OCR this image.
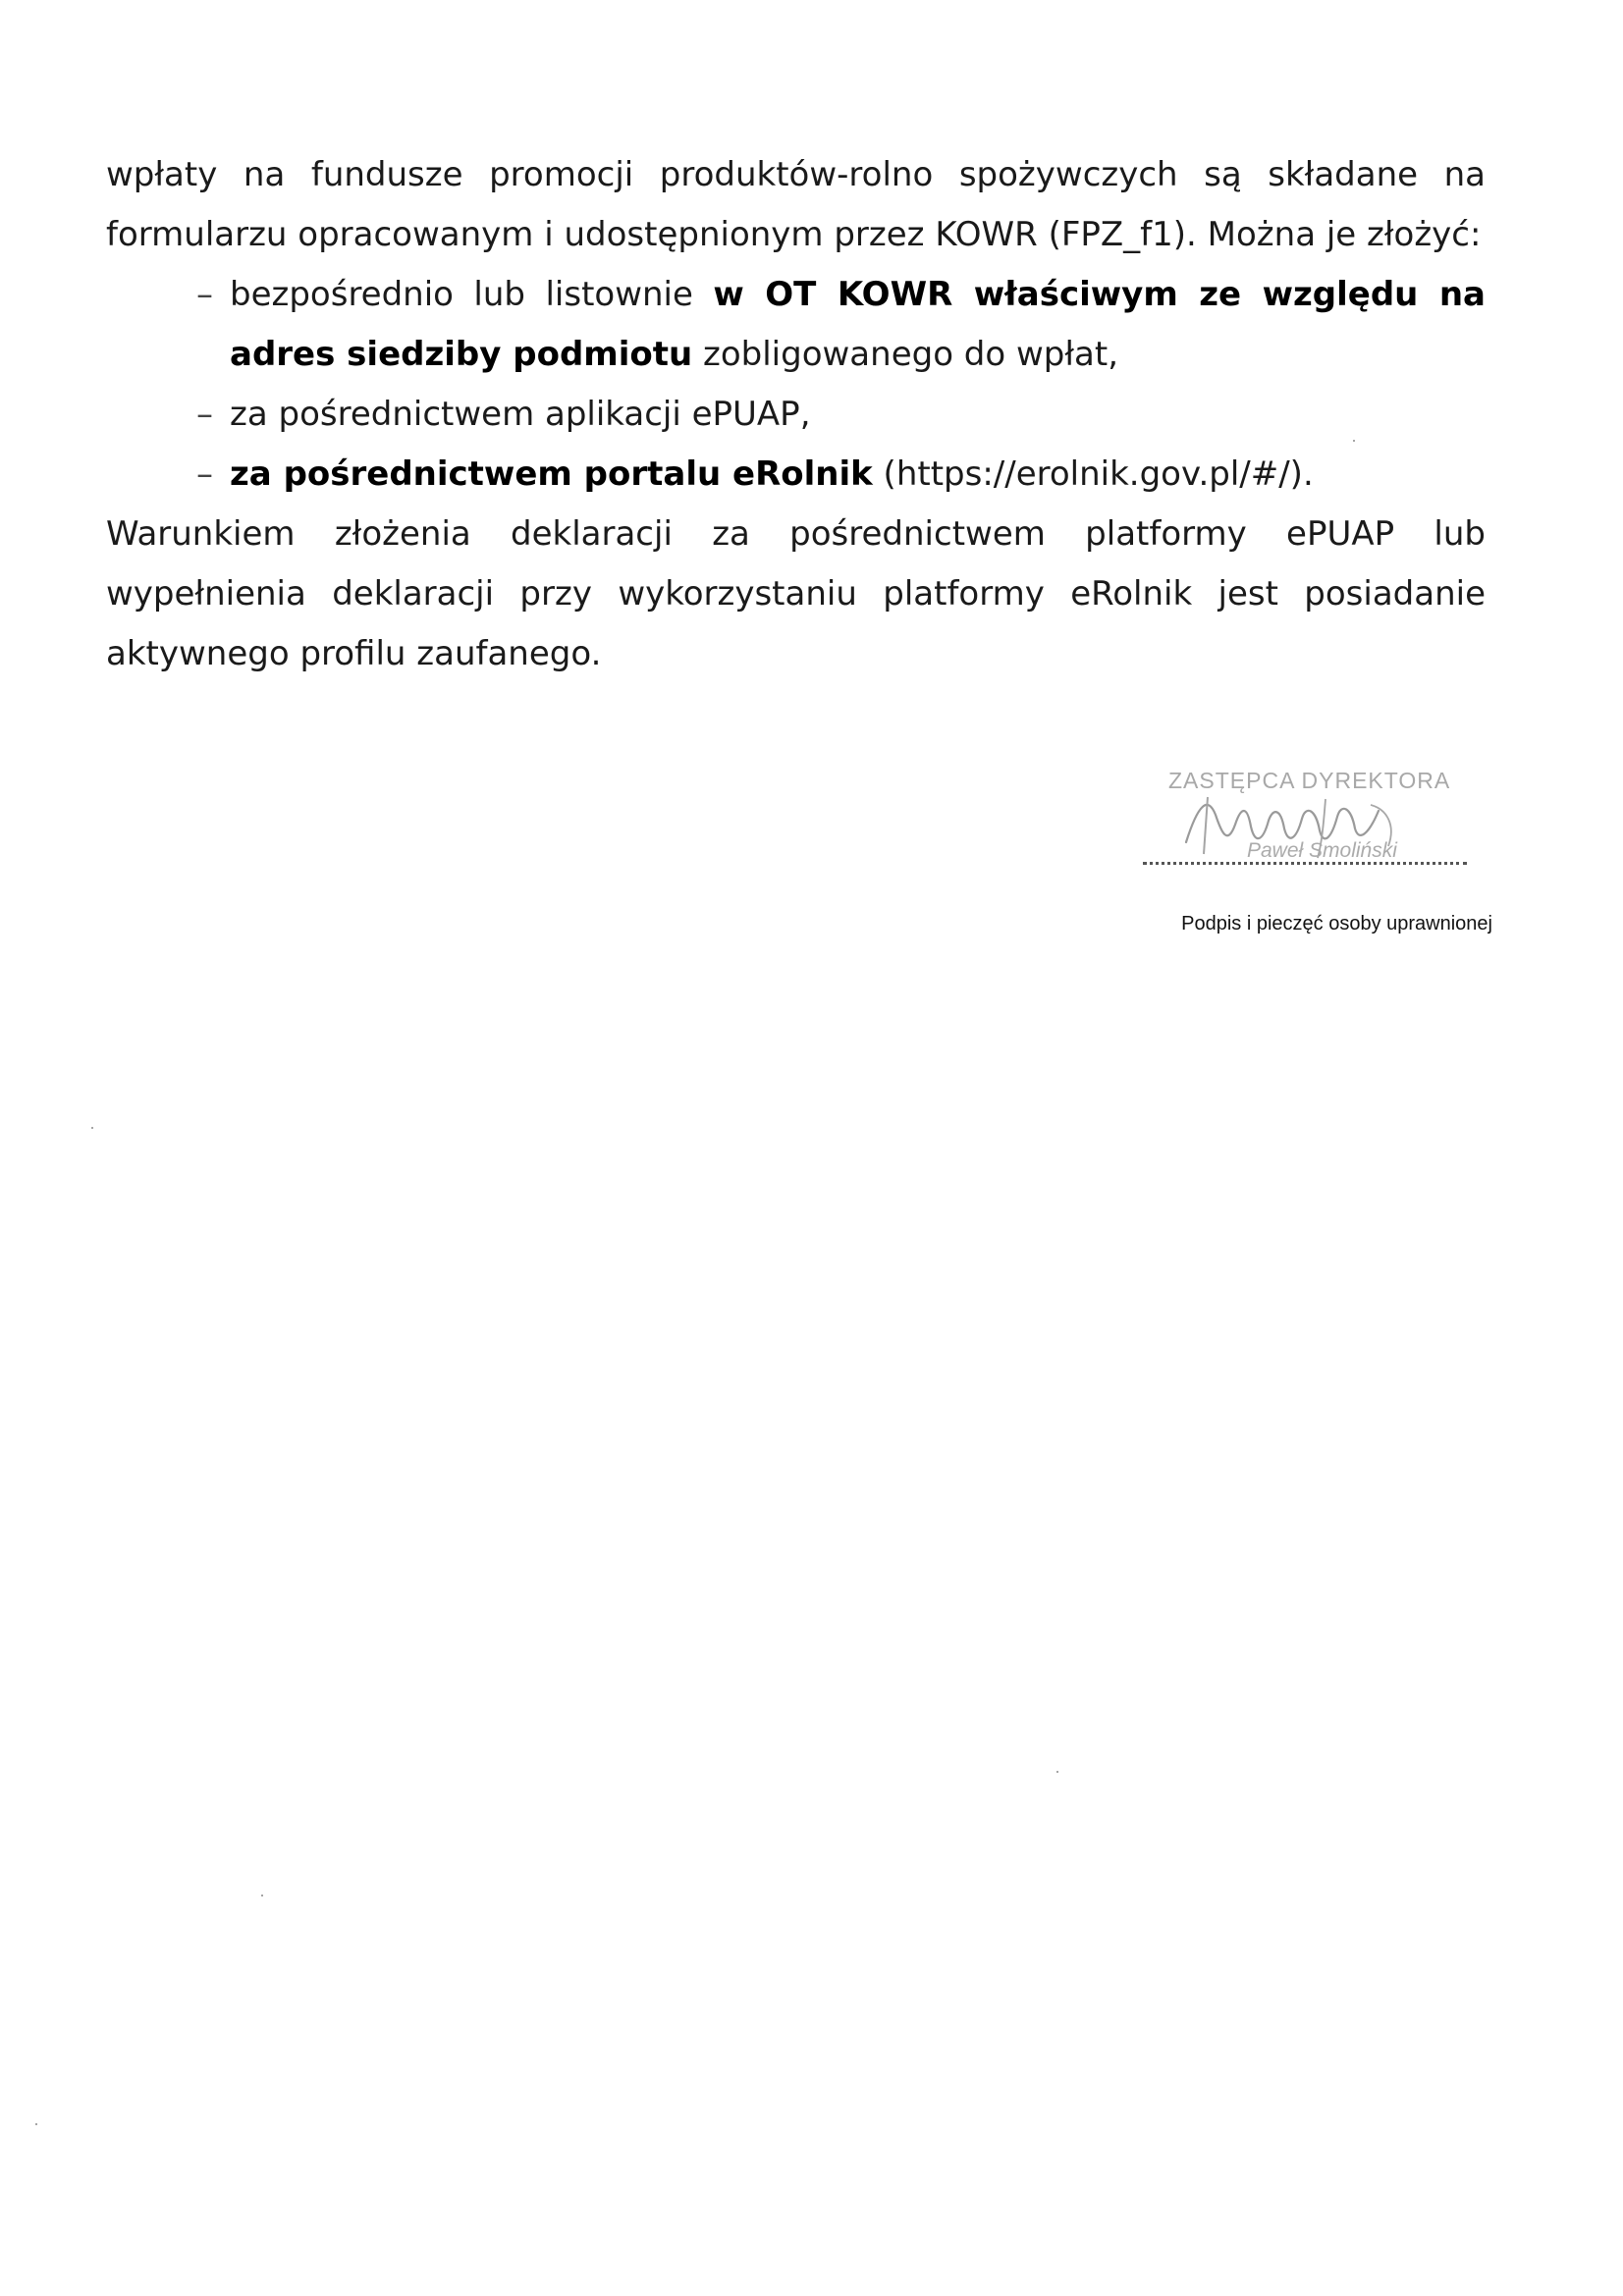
wpłaty na fundusze promocji produktów-rolno spożywczych są składane na formularzu opracowanym i udostępnionym przez KOWR (FPZ_f1). Można je złożyć:

– bezpośrednio lub listownie w OT KOWR właściwym ze względu na adres siedziby podmiotu zobligowanego do wpłat,
– za pośrednictwem aplikacji ePUAP,
– za pośrednictwem portalu eRolnik (https://erolnik.gov.pl/#/).

Warunkiem złożenia deklaracji za pośrednictwem platformy ePUAP lub wypełnienia deklaracji przy wykorzystaniu platformy eRolnik jest posiadanie aktywnego profilu zaufanego.

ZASTĘPCA DYREKTORA
Paweł Smoliński
Podpis i pieczęć osoby uprawnionej
